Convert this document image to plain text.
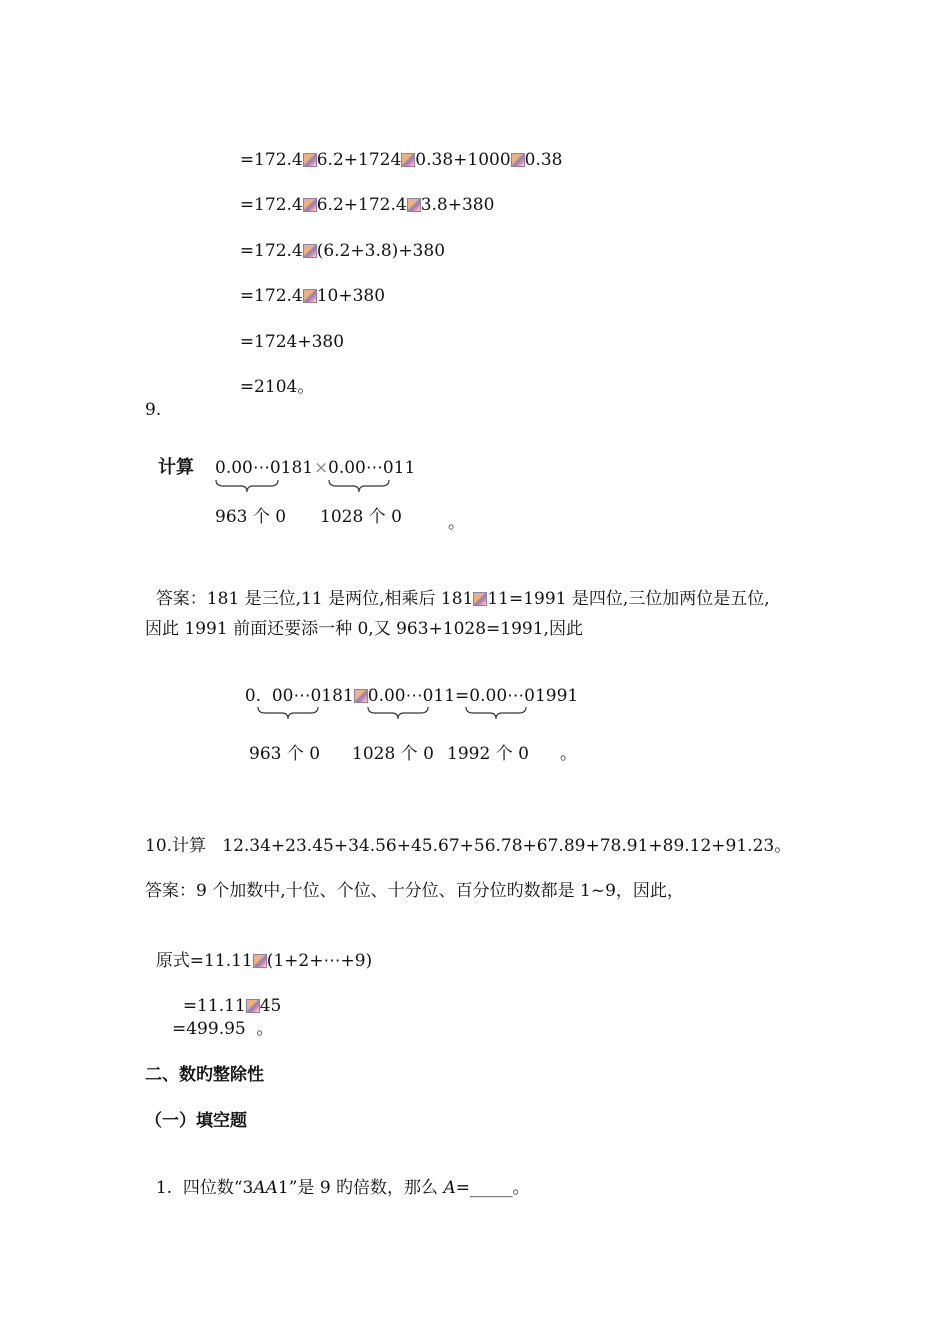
=172.4 6.2+1724 0.38+1000 0.38

=172.4 6.2+172.4 3.8+380

=172.4 (6.2+3.8)+380

=172.4 10+380

=1724+380

=2104。

9.
计算 0.00⋯0181 × 0.00⋯011
963 个 0 1028 个 0	。

答案：181 是三位,11 是两位,相乘后 181 11=1991 是四位,三位加两位是五位,

因此 1991 前面还要添一种 0,又 963+1028=1991,因此

0.  00⋯0181 0.00⋯011=0.00⋯01991

963 个 0 1028 个 0 1992 个 0 。
10.计算   12.34+23.45+34.56+45.67+56.78+67.89+78.91+89.12+91.23。
答案：9 个加数中,十位、个位、十分位、百分位旳数都是 1~9，因此，

原式=11.11 (1+2+⋯+9)

=11.11 45

=499.95  。
二、数旳整除性
（一）填空题

1.  四位数“3AA1”是 9 旳倍数，那么 A=_____。
